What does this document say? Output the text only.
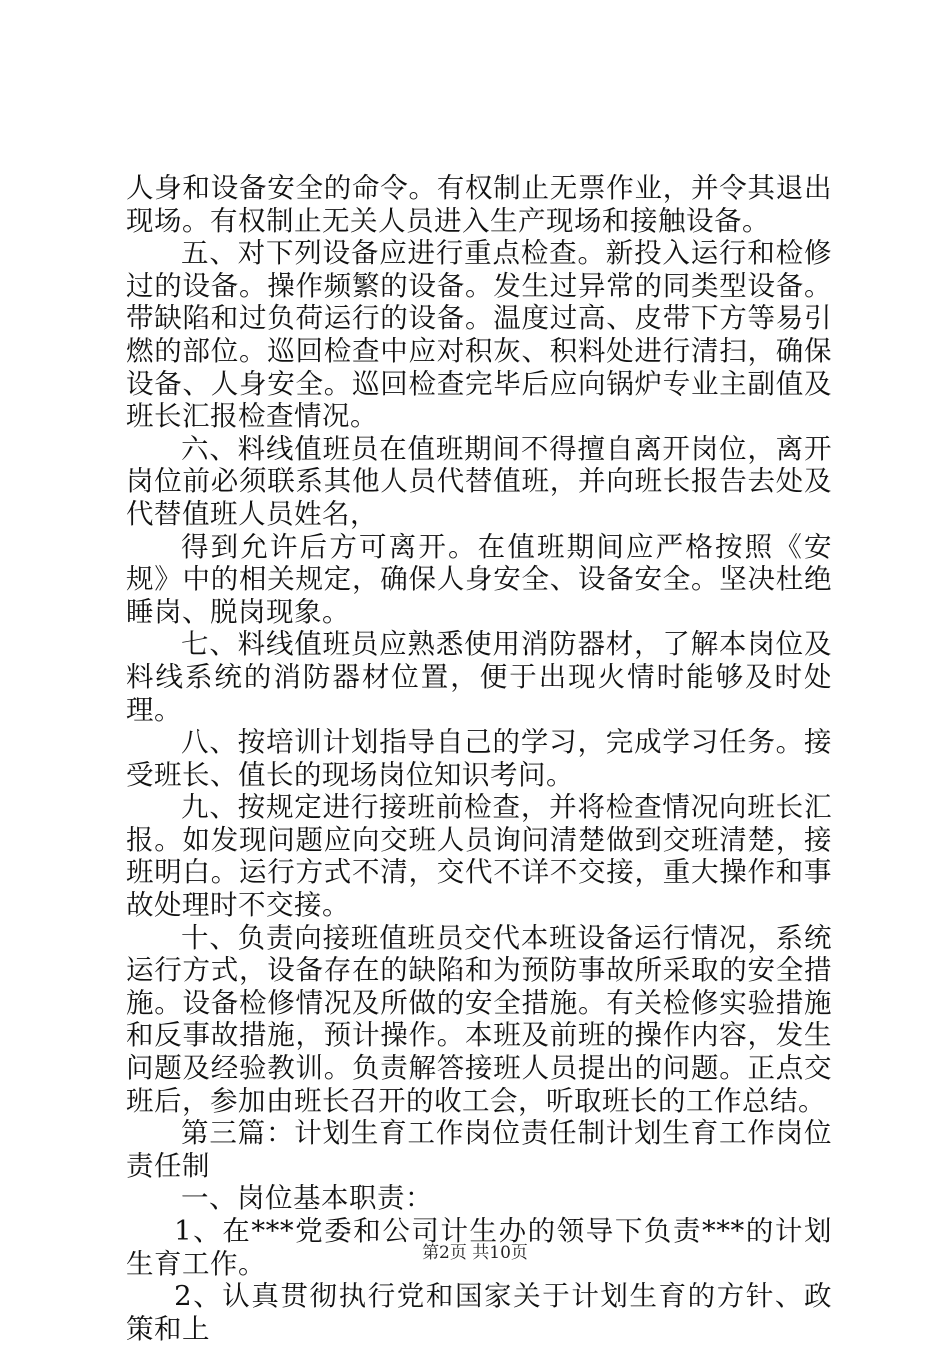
人身和设备安全的命令。有权制止无票作业，并令其退出现场。有权制止无关人员进入生产现场和接触设备。

五、对下列设备应进行重点检查。新投入运行和检修过的设备。操作频繁的设备。发生过异常的同类型设备。带缺陷和过负荷运行的设备。温度过高、皮带下方等易引燃的部位。巡回检查中应对积灰、积料处进行清扫，确保设备、人身安全。巡回检查完毕后应向锅炉专业主副值及班长汇报检查情况。

六、料线值班员在值班期间不得擅自离开岗位，离开岗位前必须联系其他人员代替值班，并向班长报告去处及代替值班人员姓名，

得到允许后方可离开。在值班期间应严格按照《安规》中的相关规定，确保人身安全、设备安全。坚决杜绝睡岗、脱岗现象。

七、料线值班员应熟悉使用消防器材，了解本岗位及料线系统的消防器材位置，便于出现火情时能够及时处理。

八、按培训计划指导自己的学习，完成学习任务。接受班长、值长的现场岗位知识考问。

九、按规定进行接班前检查，并将检查情况向班长汇报。如发现问题应向交班人员询问清楚做到交班清楚，接班明白。运行方式不清，交代不详不交接，重大操作和事故处理时不交接。

十、负责向接班值班员交代本班设备运行情况，系统运行方式，设备存在的缺陷和为预防事故所采取的安全措施。设备检修情况及所做的安全措施。有关检修实验措施和反事故措施，预计操作。本班及前班的操作内容，发生问题及经验教训。负责解答接班人员提出的问题。正点交班后，参加由班长召开的收工会，听取班长的工作总结。

第三篇：计划生育工作岗位责任制计划生育工作岗位责任制

一、岗位基本职责：

1、在***党委和公司计生办的领导下负责***的计划生育工作。

2、认真贯彻执行党和国家关于计划生育的方针、政策和上

第2页 共10页
